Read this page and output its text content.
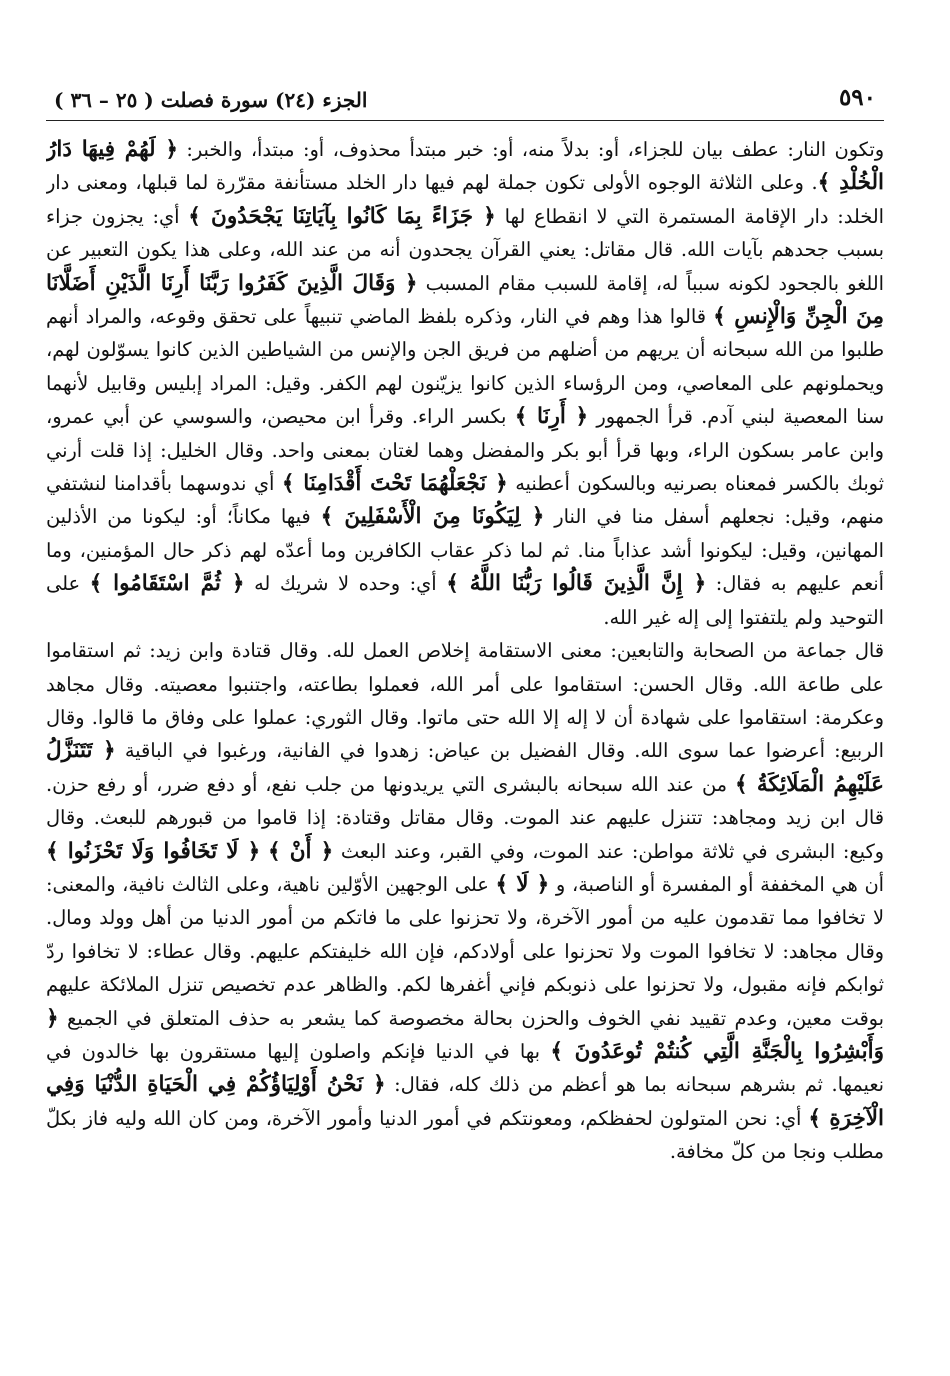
٥٩٠
الجزء (٢٤) سورة فصلت ( ٢٥ – ٣٦ )

وتكون النار: عطف بيان للجزاء، أو: بدلاً منه، أو: خبر مبتدأ محذوف، أو: مبتدأ، والخبر: ﴿ لَهُمْ فِيهَا دَارُ الْخُلْدِ ﴾. وعلى الثلاثة الوجوه الأولى تكون جملة لهم فيها دار الخلد مستأنفة مقرّرة لما قبلها، ومعنى دار الخلد: دار الإقامة المستمرة التي لا انقطاع لها ﴿ جَزَاءً بِمَا كَانُوا بِآيَاتِنَا يَجْحَدُونَ ﴾ أي: يجزون جزاء بسبب جحدهم بآيات الله. قال مقاتل: يعني القرآن يجحدون أنه من عند الله، وعلى هذا يكون التعبير عن اللغو بالجحود لكونه سبباً له، إقامة للسبب مقام المسبب ﴿ وَقَالَ الَّذِينَ كَفَرُوا رَبَّنَا أَرِنَا الَّذَيْنِ أَضَلَّانَا مِنَ الْجِنِّ وَالْإِنسِ ﴾ قالوا هذا وهم في النار، وذكره بلفظ الماضي تنبيهاً على تحقق وقوعه، والمراد أنهم طلبوا من الله سبحانه أن يريهم من أضلهم من فريق الجن والإنس من الشياطين الذين كانوا يسوّلون لهم، ويحملونهم على المعاصي، ومن الرؤساء الذين كانوا يزيّنون لهم الكفر. وقيل: المراد إبليس وقابيل لأنهما سنا المعصية لبني آدم. قرأ الجمهور ﴿ أَرِنَا ﴾ بكسر الراء. وقرأ ابن محيصن، والسوسي عن أبي عمرو، وابن عامر بسكون الراء، وبها قرأ أبو بكر والمفضل وهما لغتان بمعنى واحد. وقال الخليل: إذا قلت أرني ثوبك بالكسر فمعناه بصرنيه وبالسكون أعطنيه ﴿ نَجْعَلْهُمَا تَحْتَ أَقْدَامِنَا ﴾ أي ندوسهما بأقدامنا لنشتفي منهم، وقيل: نجعلهم أسفل منا في النار ﴿ لِيَكُونَا مِنَ الْأَسْفَلِينَ ﴾ فيها مكاناً؛ أو: ليكونا من الأذلين المهانين، وقيل: ليكونوا أشد عذاباً منا. ثم لما ذكر عقاب الكافرين وما أعدّه لهم ذكر حال المؤمنين، وما أنعم عليهم به فقال: ﴿ إِنَّ الَّذِينَ قَالُوا رَبُّنَا اللَّهُ ﴾ أي: وحده لا شريك له ﴿ ثُمَّ اسْتَقَامُوا ﴾ على التوحيد ولم يلتفتوا إلى إله غير الله.

قال جماعة من الصحابة والتابعين: معنى الاستقامة إخلاص العمل لله. وقال قتادة وابن زيد: ثم استقاموا على طاعة الله. وقال الحسن: استقاموا على أمر الله، فعملوا بطاعته، واجتنبوا معصيته. وقال مجاهد وعكرمة: استقاموا على شهادة أن لا إله إلا الله حتى ماتوا. وقال الثوري: عملوا على وفاق ما قالوا. وقال الربيع: أعرضوا عما سوى الله. وقال الفضيل بن عياض: زهدوا في الفانية، ورغبوا في الباقية ﴿ تَتَنَزَّلُ عَلَيْهِمُ الْمَلَائِكَةُ ﴾ من عند الله سبحانه بالبشرى التي يريدونها من جلب نفع، أو دفع ضرر، أو رفع حزن. قال ابن زيد ومجاهد: تتنزل عليهم عند الموت. وقال مقاتل وقتادة: إذا قاموا من قبورهم للبعث. وقال وكيع: البشرى في ثلاثة مواطن: عند الموت، وفي القبر، وعند البعث ﴿ أَنْ ﴾ ﴿ لَا تَخَافُوا وَلَا تَحْزَنُوا ﴾ أن هي المخففة أو المفسرة أو الناصبة، و ﴿ لَا ﴾ على الوجهين الأوّلين ناهية، وعلى الثالث نافية، والمعنى: لا تخافوا مما تقدمون عليه من أمور الآخرة، ولا تحزنوا على ما فاتكم من أمور الدنيا من أهل وولد ومال. وقال مجاهد: لا تخافوا الموت ولا تحزنوا على أولادكم، فإن الله خليفتكم عليهم. وقال عطاء: لا تخافوا ردّ ثوابكم فإنه مقبول، ولا تحزنوا على ذنوبكم فإني أغفرها لكم. والظاهر عدم تخصيص تنزل الملائكة عليهم بوقت معين، وعدم تقييد نفي الخوف والحزن بحالة مخصوصة كما يشعر به حذف المتعلق في الجميع ﴿ وَأَبْشِرُوا بِالْجَنَّةِ الَّتِي كُنتُمْ تُوعَدُونَ ﴾ بها في الدنيا فإنكم واصلون إليها مستقرون بها خالدون في نعيمها. ثم بشرهم سبحانه بما هو أعظم من ذلك كله، فقال: ﴿ نَحْنُ أَوْلِيَاؤُكُمْ فِي الْحَيَاةِ الدُّنْيَا وَفِي الْآخِرَةِ ﴾ أي: نحن المتولون لحفظكم، ومعونتكم في أمور الدنيا وأمور الآخرة، ومن كان الله وليه فاز بكلّ مطلب ونجا من كلّ مخافة.
